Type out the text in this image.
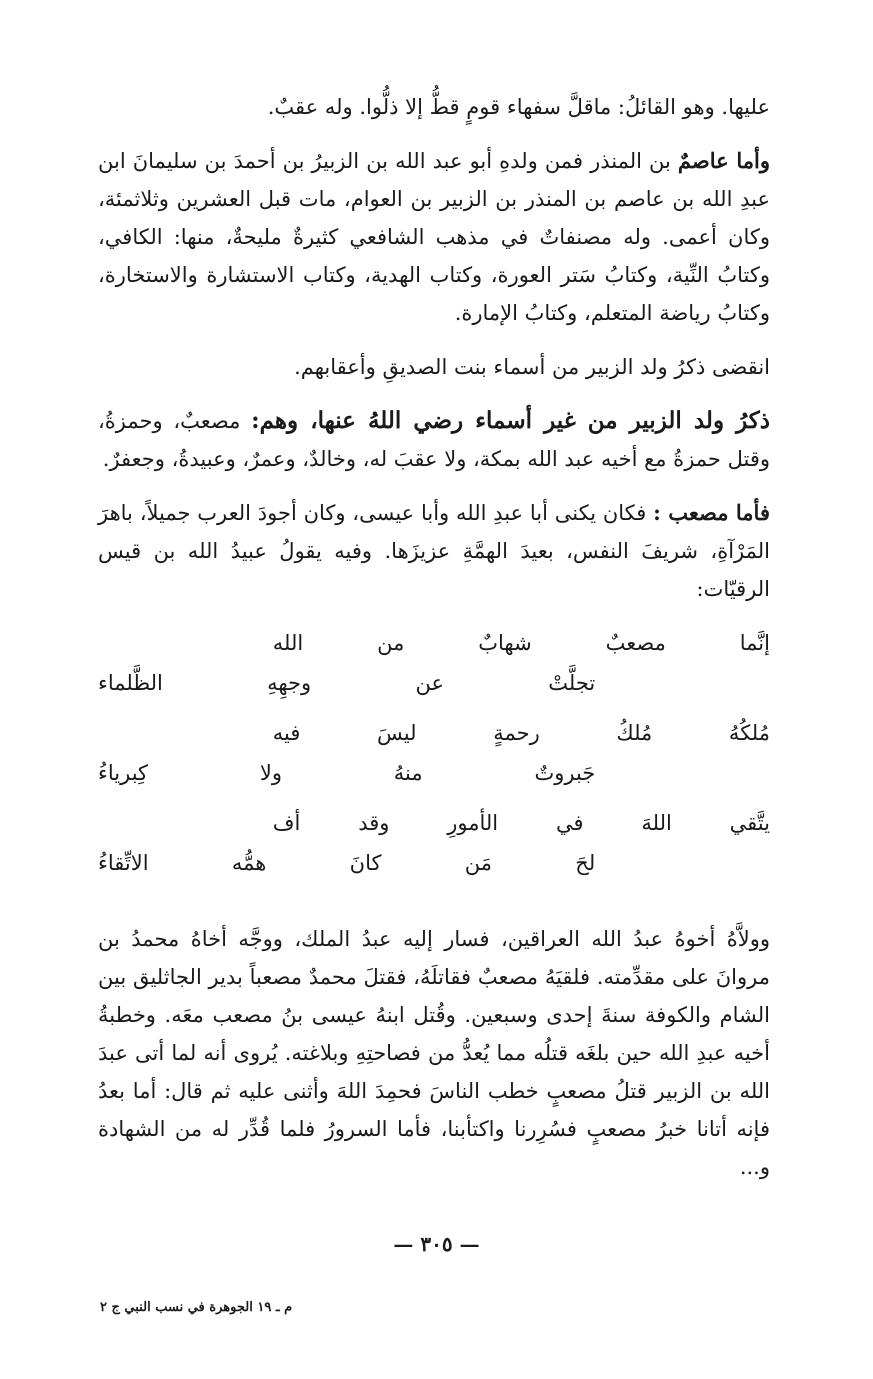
عليها. وهو القائلُ: ماقلَّ سفهاء قومٍ قطُّ إلا ذلُّوا. وله عقبٌ.

وأما عاصمٌ بن المنذر فمن ولدهِ أبو عبد الله بن الزبيرُ بن أحمدَ بن سليمانَ ابن عبدِ الله بن عاصم بن المنذر بن الزبير بن العوام، مات قبل العشرين وثلاثمئة، وكان أعمى. وله مصنفاتٌ في مذهب الشافعي كثيرةٌ مليحةٌ، منها: الكافي، وكتابُ النِّية، وكتابُ سَتر العورة، وكتاب الهدية، وكتاب الاستشارة والاستخارة، وكتابُ رياضة المتعلم، وكتابُ الإمارة.

انقضى ذكرُ ولد الزبير من أسماء بنت الصديقِ وأعقابهم.

ذكرُ ولد الزبير من غير أسماء رضي اللهُ عنها، وهم: مصعبٌ، وحمزةُ، وقتل حمزةُ مع أخيه عبد الله بمكة، ولا عقبَ له، وخالدٌ، وعمرٌ، وعبيدةُ، وجعفرٌ.

فأما مصعب : فكان يكنى أبا عبدِ الله وأبا عيسى، وكان أجودَ العرب جميلاً، باهرَ المَرْآةِ، شريفَ النفس، بعيدَ الهمَّةِ عزيزَها. وفيه يقولُ عبيدُ الله بن قيس الرقيّات:

إنَّما مصعبٌ شهابٌ من الله
تجلَّتْ عن وجهِهِ الظَّلماء
مُلكُهُ مُلكُ رحمةٍ ليسَ فيه
جَبروتٌ منهُ ولا كِبرياءُ
يتَّقي اللهَ في الأمورِ وقد أف
لحَ مَن كانَ همُّه الاتِّقاءُ

وولاَّهُ أخوهُ عبدُ الله العراقين، فسار إليه عبدُ الملك، ووجَّه أخاهُ محمدُ بن مروانَ على مقدِّمته. فلقيَهُ مصعبٌ فقاتلَهُ، فقتلَ محمدٌ مصعباً بدير الجاثليق بين الشام والكوفة سنةَ إحدى وسبعين. وقُتل ابنهُ عيسى بنُ مصعب معَه. وخطبةُ أخيه عبدِ الله حين بلغَه قتلُه مما يُعدُّ من فصاحتِهِ وبلاغته. يُروى أنه لما أتى عبدَ الله بن الزبير قتلُ مصعبٍ خطب الناسَ فحمِدَ اللهَ وأثنى عليه ثم قال: أما بعدُ فإنه أتانا خبرُ مصعبٍ فسُرِرنا واكتأبنا، فأما السرورُ فلما قُدِّر له من الشهادة و...

— ٣٠٥ —
م ـ ١٩ الجوهرة في نسب النبي ج ٢
